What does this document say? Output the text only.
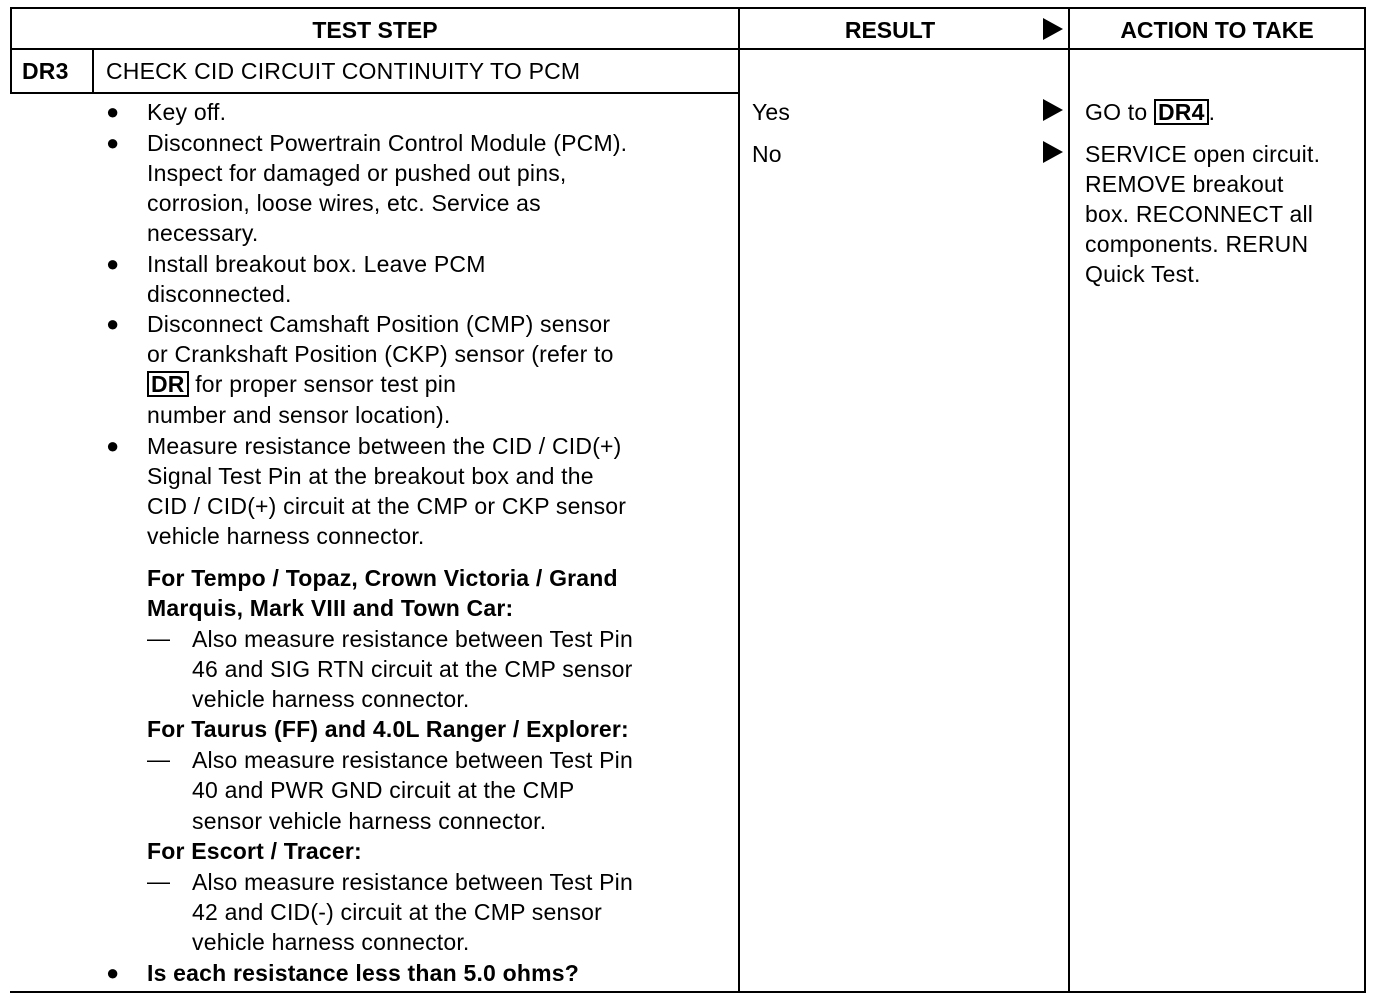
TEST STEP	RESULT	ACTION TO TAKE
DR3 CHECK CID CIRCUIT CONTINUITY TO PCM
● Key off.
● Disconnect Powertrain Control Module (PCM).
Inspect for damaged or pushed out pins,
corrosion, loose wires, etc. Service as
necessary.
● Install breakout box. Leave PCM
disconnected.
● Disconnect Camshaft Position (CMP) sensor
or Crankshaft Position (CKP) sensor (refer to
DR for proper sensor test pin
number and sensor location).
● Measure resistance between the CID / CID(+)
Signal Test Pin at the breakout box and the
CID / CID(+) circuit at the CMP or CKP sensor
vehicle harness connector.
For Tempo / Topaz, Crown Victoria / Grand
Marquis, Mark VIII and Town Car:
— Also measure resistance between Test Pin
46 and SIG RTN circuit at the CMP sensor
vehicle harness connector.
For Taurus (FF) and 4.0L Ranger / Explorer:
— Also measure resistance between Test Pin
40 and PWR GND circuit at the CMP
sensor vehicle harness connector.
For Escort / Tracer:
— Also measure resistance between Test Pin
42 and CID(-) circuit at the CMP sensor
vehicle harness connector.
● Is each resistance less than 5.0 ohms?
Yes
No
GO to DR4 .
SERVICE open circuit.
REMOVE breakout
box. RECONNECT all
components. RERUN
Quick Test.
